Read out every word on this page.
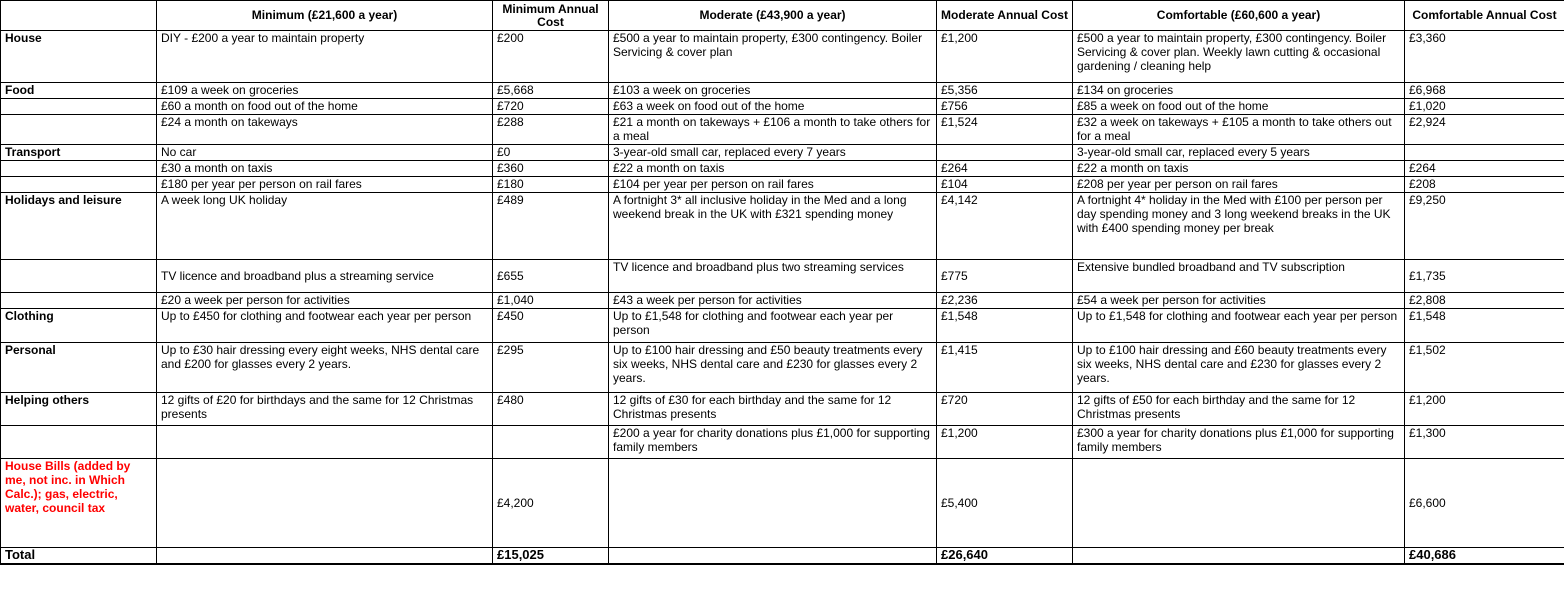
	Minimum (£21,600 a year)	Minimum Annual Cost	Moderate (£43,900 a year)	Moderate Annual Cost	Comfortable (£60,600 a year)	Comfortable Annual Cost
House	DIY - £200 a year to maintain property	£200	£500 a year to maintain property, £300 contingency. Boiler Servicing & cover plan	£1,200	£500 a year to maintain property, £300 contingency. Boiler Servicing & cover plan. Weekly lawn cutting & occasional gardening / cleaning help	£3,360
Food	£109 a week on groceries	£5,668	£103 a week on groceries	£5,356	£134 on groceries	£6,968
	£60 a month on food out of the home	£720	£63 a week on food out of the home	£756	£85 a week on food out of the home	£1,020
	£24 a month on takeways	£288	£21 a month on takeways + £106 a month to take others for a meal	£1,524	£32 a week on takeways + £105 a month to take others out for a meal	£2,924
Transport	No car	£0	3-year-old small car, replaced every 7 years		3-year-old small car, replaced every 5 years	
	£30 a month on taxis	£360	£22 a month on taxis	£264	£22 a month on taxis	£264
	£180 per year per person on rail fares	£180	£104 per year per person on rail fares	£104	£208 per year per person on rail fares	£208
Holidays and leisure	A week long UK holiday	£489	A fortnight 3* all inclusive holiday in the Med and a long weekend break in the UK with £321 spending money	£4,142	A fortnight 4* holiday in the Med with £100 per person per day spending money and 3 long weekend breaks in the UK with £400 spending money per break	£9,250
	TV licence and broadband plus a streaming service	£655	TV licence and broadband plus two streaming services	£775	Extensive bundled broadband and TV subscription	£1,735
	£20 a week per person for activities	£1,040	£43 a week per person for activities	£2,236	£54 a week per person for activities	£2,808
Clothing	Up to £450 for clothing and footwear each year per person	£450	Up to £1,548 for clothing and footwear each year per person	£1,548	Up to £1,548 for clothing and footwear each year per person	£1,548
Personal	Up to £30 hair dressing every eight weeks, NHS dental care and £200 for glasses every 2 years.	£295	Up to £100 hair dressing and £50 beauty treatments every six weeks, NHS dental care and £230 for glasses every 2 years.	£1,415	Up to £100 hair dressing and £60 beauty treatments every six weeks, NHS dental care and £230 for glasses every 2 years.	£1,502
Helping others	12 gifts of £20 for birthdays and the same for 12 Christmas presents	£480	12 gifts of £30 for each birthday and the same for 12 Christmas presents	£720	12 gifts of £50 for each birthday and the same for 12 Christmas presents	£1,200
			£200 a year for charity donations plus £1,000 for supporting family members	£1,200	£300 a year for charity donations plus £1,000 for supporting family members	£1,300
House Bills (added by me, not inc. in Which Calc.); gas, electric, water, council tax		£4,200		£5,400		£6,600
Total		£15,025		£26,640		£40,686
